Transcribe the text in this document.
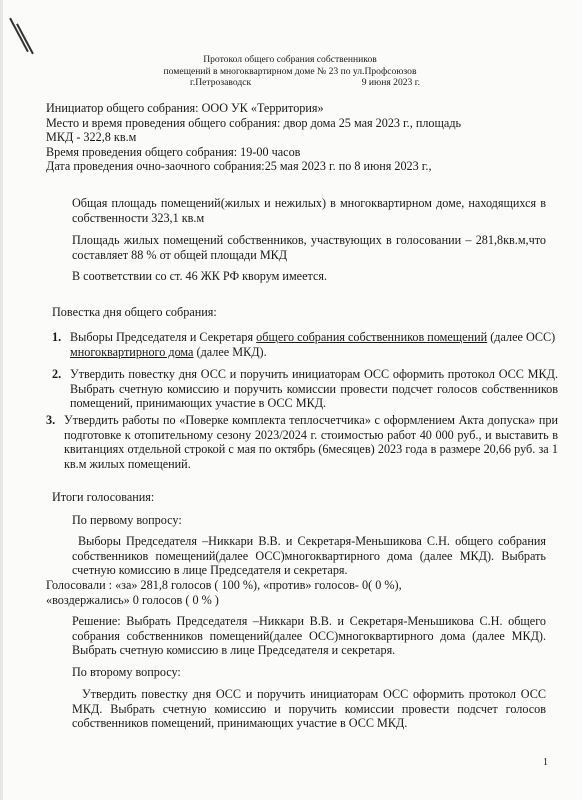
Протокол общего собрания собственников
помещений в многоквартирном доме № 23 по ул.Профсоюзов
г.Петрозаводск	9 июня 2023 г.
Инициатор общего собрания: ООО УК «Территория»
Место и время проведения общего собрания: двор дома 25 мая 2023 г., площадь
МКД - 322,8 кв.м
Время проведения общего собрания: 19-00 часов
Дата проведения очно-заочного собрания:25 мая 2023 г. по 8 июня 2023 г.,
Общая площадь помещений(жилых и нежилых) в многоквартирном доме, находящихся в собственности 323,1 кв.м
Площадь жилых помещений собственников, участвующих в голосовании – 281,8кв.м,что составляет 88 % от общей площади МКД
В соответствии со ст. 46 ЖК РФ кворум имеется.
Повестка дня общего собрания:
1. Выборы Председателя и Секретаря общего собрания собственников помещений (далее ОСС) многоквартирного дома (далее МКД).
2. Утвердить повестку дня ОСС и поручить инициаторам ОСС оформить протокол ОСС МКД. Выбрать счетную комиссию и поручить комиссии провести подсчет голосов собственников помещений, принимающих участие в ОСС МКД.
3. Утвердить работы по «Поверке комплекта теплосчетчика» с оформлением Акта допуска» при подготовке к отопительному сезону 2023/2024 г. стоимостью работ 40 000 руб., и выставить в квитанциях отдельной строкой с мая по октябрь (6месяцев) 2023 года в размере 20,66 руб. за 1 кв.м жилых помещений.
Итоги голосования:
По первому вопросу:
Выборы Председателя –Никкари В.В. и Секретаря-Меньшикова С.Н. общего собрания собственников помещений(далее ОСС)многоквартирного дома (далее МКД). Выбрать счетную комиссию в лице Председателя и секретаря.
Голосовали : «за» 281,8 голосов ( 100 %), «против» голосов- 0( 0 %),
«воздержались» 0 голосов ( 0 % )
Решение: Выбрать Председателя –Никкари В.В. и Секретаря-Меньшикова С.Н. общего собрания собственников помещений(далее ОСС)многоквартирного дома (далее МКД). Выбрать счетную комиссию в лице Председателя и секретаря.
По второму вопросу:
Утвердить повестку дня ОСС и поручить инициаторам ОСС оформить протокол ОСС МКД. Выбрать счетную комиссию и поручить комиссии провести подсчет голосов собственников помещений, принимающих участие в ОСС МКД.
1
